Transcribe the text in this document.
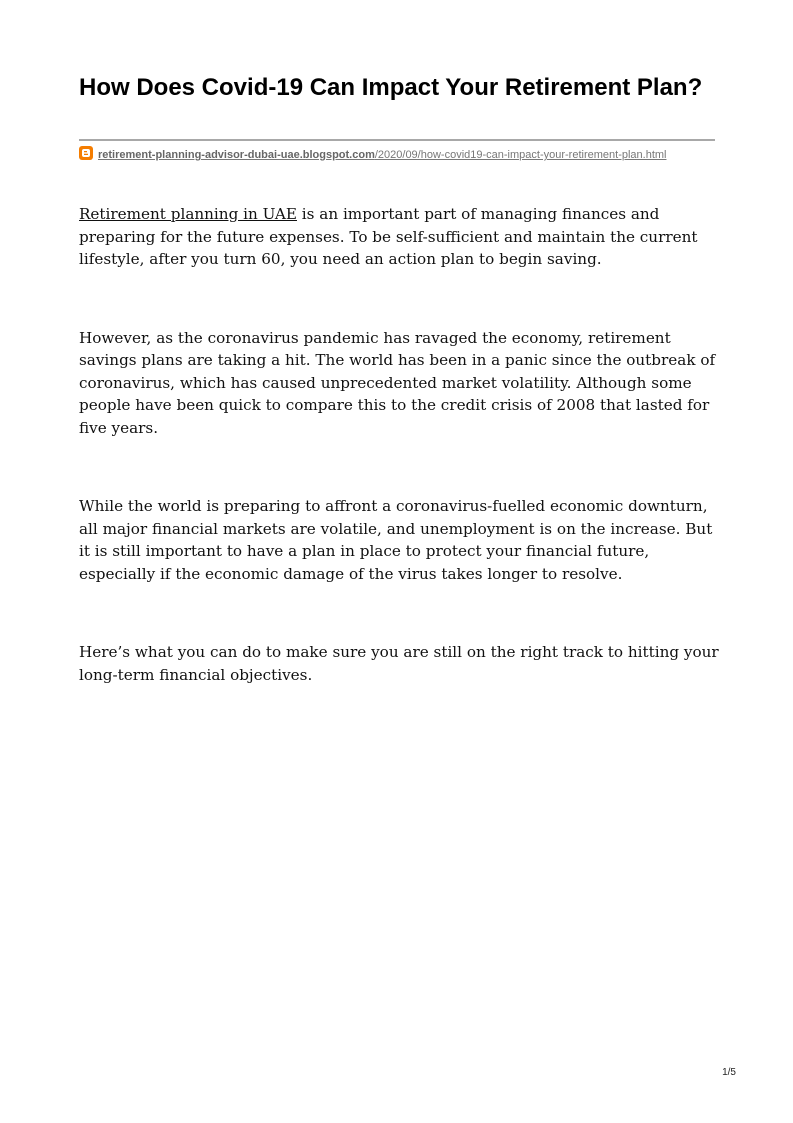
How Does Covid-19 Can Impact Your Retirement Plan?
retirement-planning-advisor-dubai-uae.blogspot.com/2020/09/how-covid19-can-impact-your-retirement-plan.html

Retirement planning in UAE is an important part of managing finances and preparing for the future expenses. To be self-sufficient and maintain the current lifestyle, after you turn 60, you need an action plan to begin saving.

However, as the coronavirus pandemic has ravaged the economy, retirement savings plans are taking a hit. The world has been in a panic since the outbreak of coronavirus, which has caused unprecedented market volatility. Although some people have been quick to compare this to the credit crisis of 2008 that lasted for five years.

While the world is preparing to affront a coronavirus-fuelled economic downturn, all major financial markets are volatile, and unemployment is on the increase. But it is still important to have a plan in place to protect your financial future, especially if the economic damage of the virus takes longer to resolve.

Here’s what you can do to make sure you are still on the right track to hitting your long-term financial objectives.

1/5
